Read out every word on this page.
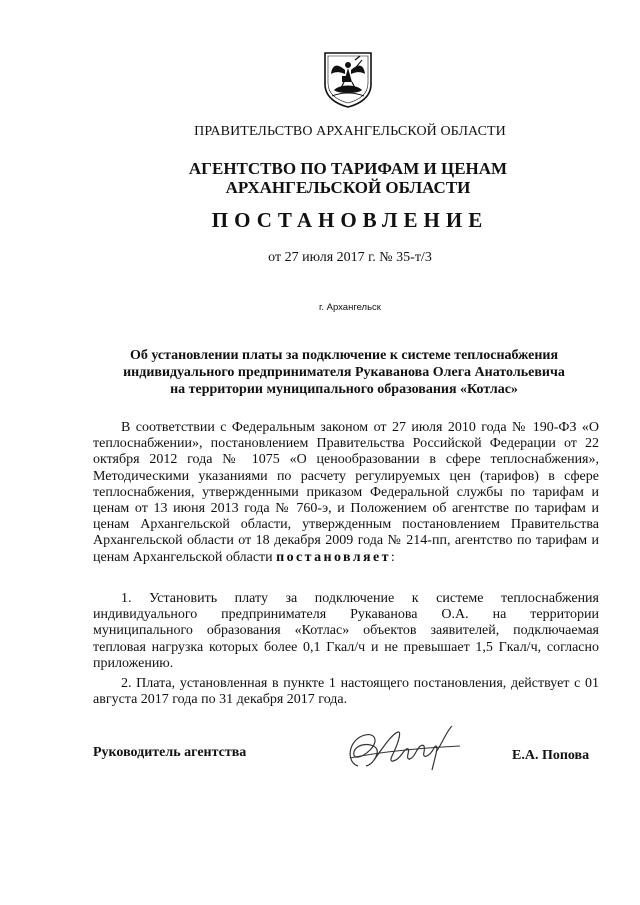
ПРАВИТЕЛЬСТВО АРХАНГЕЛЬСКОЙ ОБЛАСТИ
АГЕНТСТВО ПО ТАРИФАМ И ЦЕНАМ
АРХАНГЕЛЬСКОЙ ОБЛАСТИ
ПОСТАНОВЛЕНИЕ
от 27 июля 2017 г. № 35-т/3
г. Архангельск
Об установлении платы за подключение к системе теплоснабжения
индивидуального предпринимателя Рукаванова Олега Анатольевича
на территории муниципального образования «Котлас»

В соответствии с Федеральным законом от 27 июля 2010 года № 190-ФЗ «О теплоснабжении», постановлением Правительства Российской Федерации от 22 октября 2012 года № 1075 «О ценообразовании в сфере теплоснабжения», Методическими указаниями по расчету регулируемых цен (тарифов) в сфере теплоснабжения, утвержденными приказом Федеральной службы по тарифам и ценам от 13 июня 2013 года № 760-э, и Положением об агентстве по тарифам и ценам Архангельской области, утвержденным постановлением Правительства Архангельской области от 18 декабря 2009 года № 214-пп, агентство по тарифам и ценам Архангельской области постановляет:

1. Установить плату за подключение к системе теплоснабжения индивидуального предпринимателя Рукаванова О.А. на территории муниципального образования «Котлас» объектов заявителей, подключаемая тепловая нагрузка которых более 0,1 Гкал/ч и не превышает 1,5 Гкал/ч, согласно приложению.

2. Плата, установленная в пункте 1 настоящего постановления, действует с 01 августа 2017 года по 31 декабря 2017 года.

Руководитель агентства	Е.А. Попова
